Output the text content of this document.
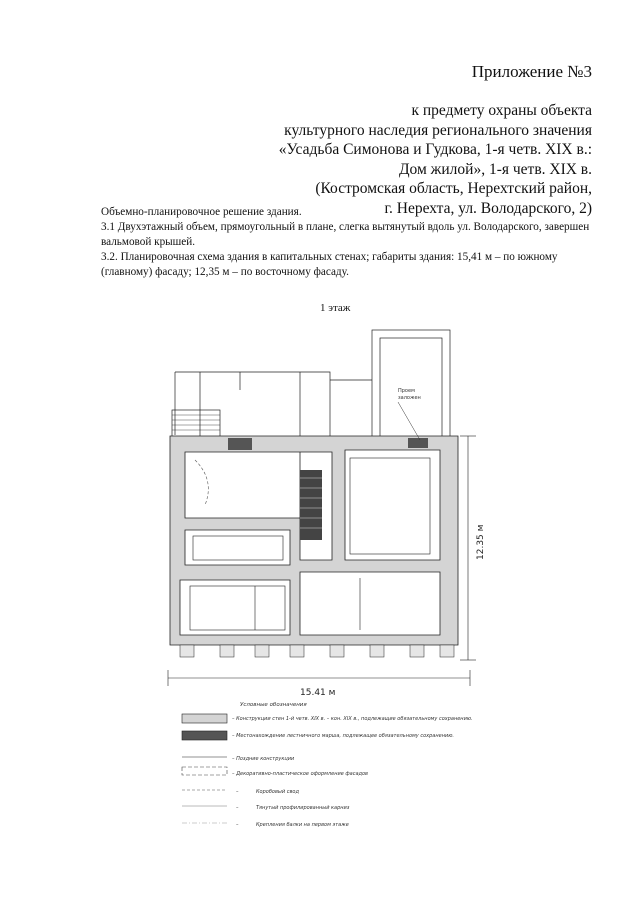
Приложение №3
к предмету охраны объекта
культурного наследия регионального значения
«Усадьба Симонова и Гудкова, 1-я четв. XIX в.:
Дом жилой», 1-я четв. XIX в.
(Костромская область, Нерехтский район,
г. Нерехта, ул. Володарского, 2)

Объемно-планировочное решение здания.

3.1 Двухэтажный объем, прямоугольный в плане, слегка вытянутый вдоль ул. Володарского, завершен вальмовой крышей.

3.2. Планировочная схема здания в капитальных стенах; габариты здания: 15,41 м – по южному (главному) фасаду; 12,35 м – по восточному фасаду.

1 этаж
15.41 м
12.35 м
Проем
заложен
Условные обозначения
– Конструкции стен 1-й четв. XIX в. – кон. XIX в., подлежащие обязательному сохранению.
– Местонахождение лестничного марша, подлежащее обязательному сохранению.
– Поздние конструкции
– Декоративно-пластическое оформление фасадов
–	Коробовый свод
–	Тянутый профилированный карниз
–	Крепления балки на первом этаже
